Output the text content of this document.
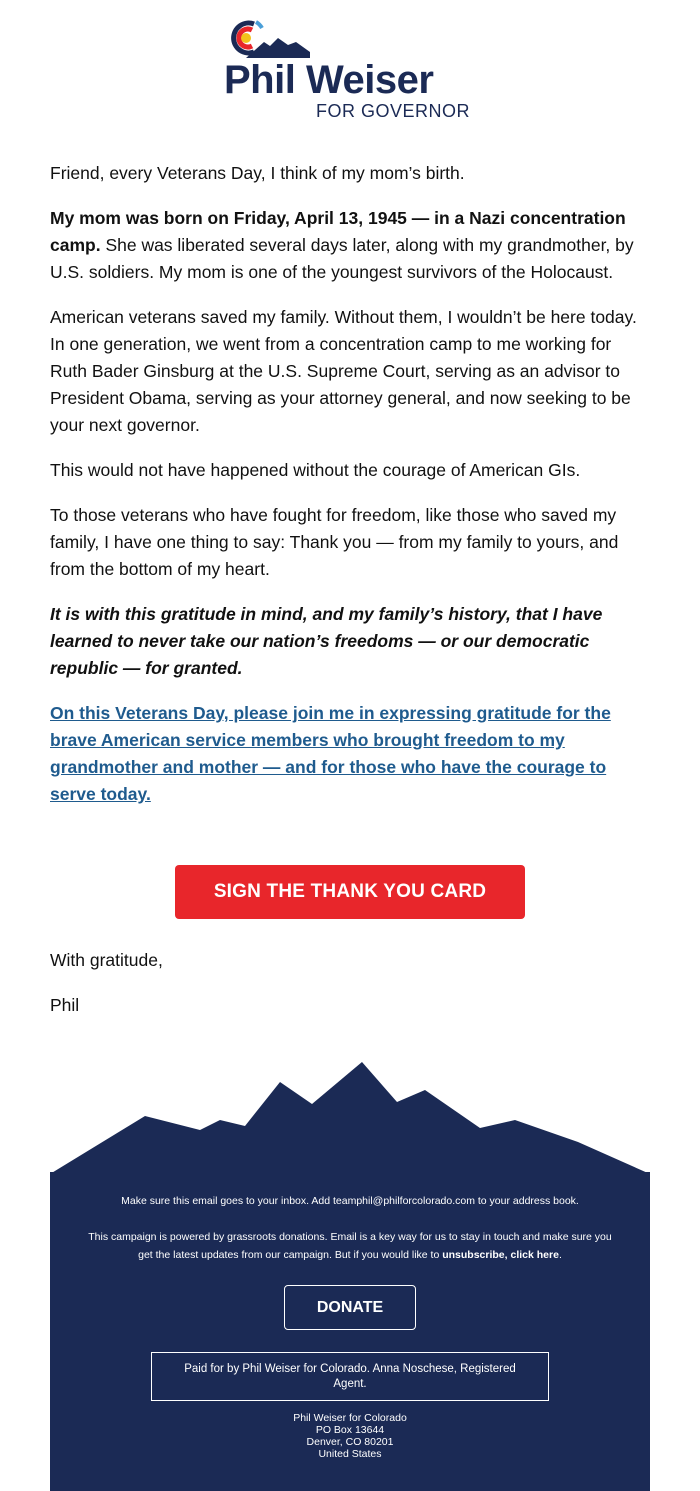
Phil Weiser
FOR GOVERNOR

Friend, every Veterans Day, I think of my mom’s birth.

My mom was born on Friday, April 13, 1945 — in a Nazi concentration camp. She was liberated several days later, along with my grandmother, by U.S. soldiers. My mom is one of the youngest survivors of the Holocaust.

American veterans saved my family. Without them, I wouldn’t be here today. In one generation, we went from a concentration camp to me working for Ruth Bader Ginsburg at the U.S. Supreme Court, serving as an advisor to President Obama, serving as your attorney general, and now seeking to be your next governor.

This would not have happened without the courage of American GIs.

To those veterans who have fought for freedom, like those who saved my family, I have one thing to say: Thank you — from my family to yours, and from the bottom of my heart.

It is with this gratitude in mind, and my family’s history, that I have learned to never take our nation’s freedoms — or our democratic republic — for granted.

On this Veterans Day, please join me in expressing gratitude for the brave American service members who brought freedom to my grandmother and mother — and for those who have the courage to serve today.

SIGN THE THANK YOU CARD

With gratitude,

Phil

Make sure this email goes to your inbox. Add teamphil@philforcolorado.com to your address book.
This campaign is powered by grassroots donations. Email is a key way for us to stay in touch and make sure you get the latest updates from our campaign. But if you would like to unsubscribe, click here.
DONATE
Paid for by Phil Weiser for Colorado. Anna Noschese, Registered Agent.
Phil Weiser for Colorado
PO Box 13644
Denver, CO 80201
United States
